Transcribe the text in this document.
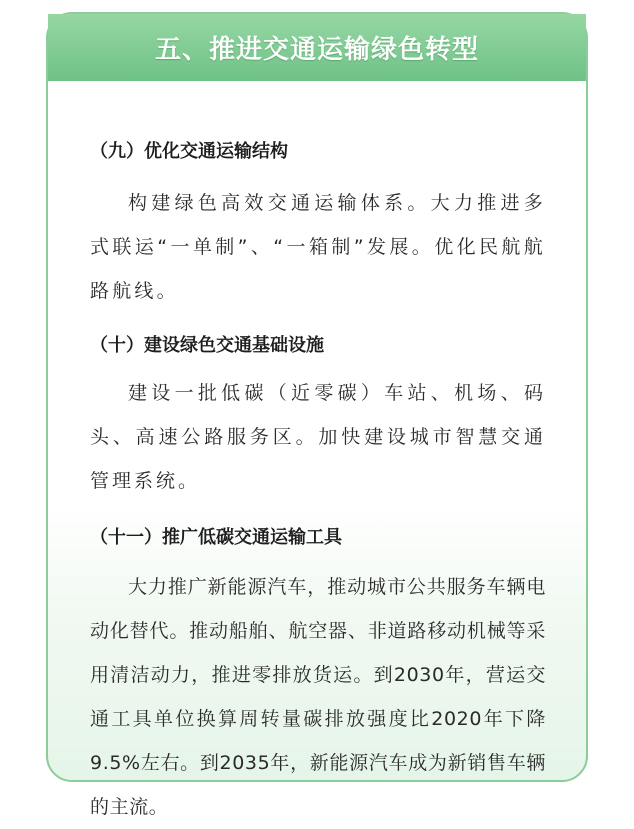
五、推进交通运输绿色转型

（九）优化交通运输结构

构建绿色高效交通运输体系。大力推进多式联运“一单制”、“一箱制”发展。优化民航航路航线。

（十）建设绿色交通基础设施

建设一批低碳（近零碳）车站、机场、码头、高速公路服务区。加快建设城市智慧交通管理系统。

（十一）推广低碳交通运输工具

大力推广新能源汽车，推动城市公共服务车辆电动化替代。推动船舶、航空器、非道路移动机械等采用清洁动力，推进零排放货运。到2030年，营运交通工具单位换算周转量碳排放强度比2020年下降9.5%左右。到2035年，新能源汽车成为新销售车辆的主流。
